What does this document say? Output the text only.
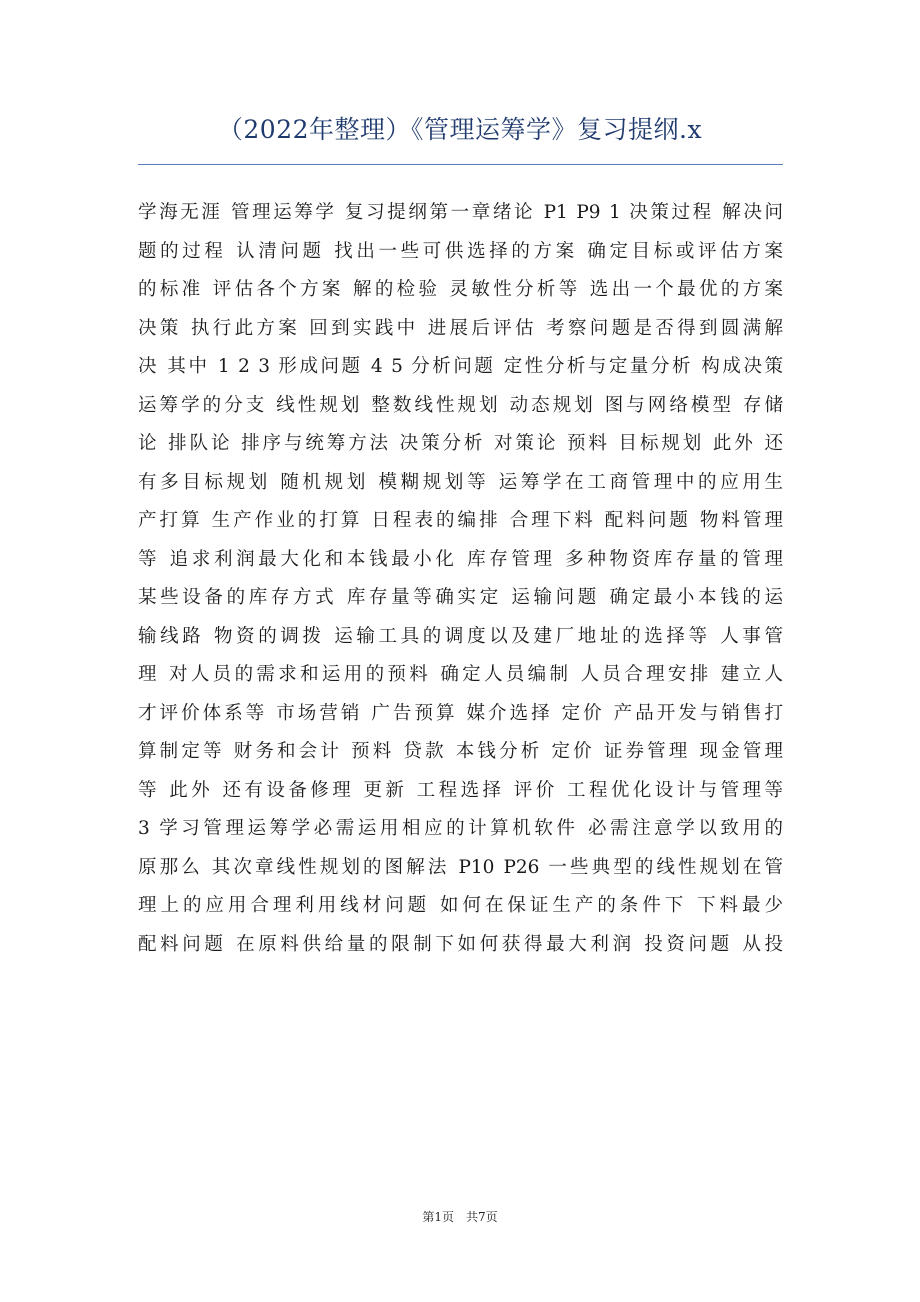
（2022年整理）《管理运筹学》复习提纲.x
学海无涯 管理运筹学 复习提纲第一章绪论 P1 P9 1 决策过程 解决问
题的过程 认清问题 找出一些可供选择的方案 确定目标或评估方案
的标准 评估各个方案 解的检验 灵敏性分析等 选出一个最优的方案
决策 执行此方案 回到实践中 进展后评估 考察问题是否得到圆满解
决 其中 1 2 3 形成问题 4 5 分析问题 定性分析与定量分析 构成决策
运筹学的分支 线性规划 整数线性规划 动态规划 图与网络模型 存储
论 排队论 排序与统筹方法 决策分析 对策论 预料 目标规划 此外 还
有多目标规划 随机规划 模糊规划等 运筹学在工商管理中的应用生
产打算 生产作业的打算 日程表的编排 合理下料 配料问题 物料管理
等 追求利润最大化和本钱最小化 库存管理 多种物资库存量的管理
某些设备的库存方式 库存量等确实定 运输问题 确定最小本钱的运
输线路 物资的调拨 运输工具的调度以及建厂地址的选择等 人事管
理 对人员的需求和运用的预料 确定人员编制 人员合理安排 建立人
才评价体系等 市场营销 广告预算 媒介选择 定价 产品开发与销售打
算制定等 财务和会计 预料 贷款 本钱分析 定价 证券管理 现金管理
等 此外 还有设备修理 更新 工程选择 评价 工程优化设计与管理等
3 学习管理运筹学必需运用相应的计算机软件 必需注意学以致用的
原那么 其次章线性规划的图解法 P10 P26 一些典型的线性规划在管
理上的应用合理利用线材问题 如何在保证生产的条件下 下料最少
配料问题 在原料供给量的限制下如何获得最大利润 投资问题 从投
第1页　共7页
